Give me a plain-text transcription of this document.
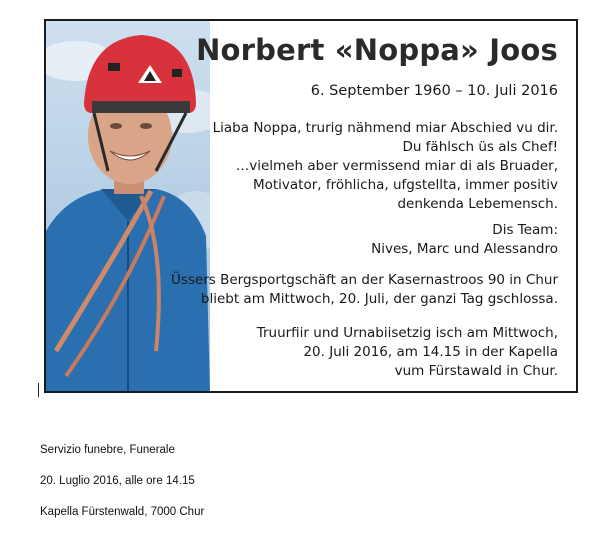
Norbert «Noppa» Joos
6. September 1960 – 10. Juli 2016
Liaba Noppa, trurig nähmend miar Abschied vu dir.
Du fählsch üs als Chef!
…vielmeh aber vermissend miar di als Bruader,
Motivator, fröhlicha, ufgstellta, immer positiv
denkenda Lebemensch.
Dis Team:
Nives, Marc und Alessandro
Üssers Bergsportgschäft an der Kasernastroos 90 in Chur
bliebt am Mittwoch, 20. Juli, der ganzi Tag gschlossa.
Truurfiir und Urnabiisetzig isch am Mittwoch,
20. Juli 2016, am 14.15 in der Kapella
vum Fürstawald in Chur.
Servizio funebre, Funerale
20. Luglio 2016, alle ore 14.15
Kapella Fürstenwald, 7000 Chur
